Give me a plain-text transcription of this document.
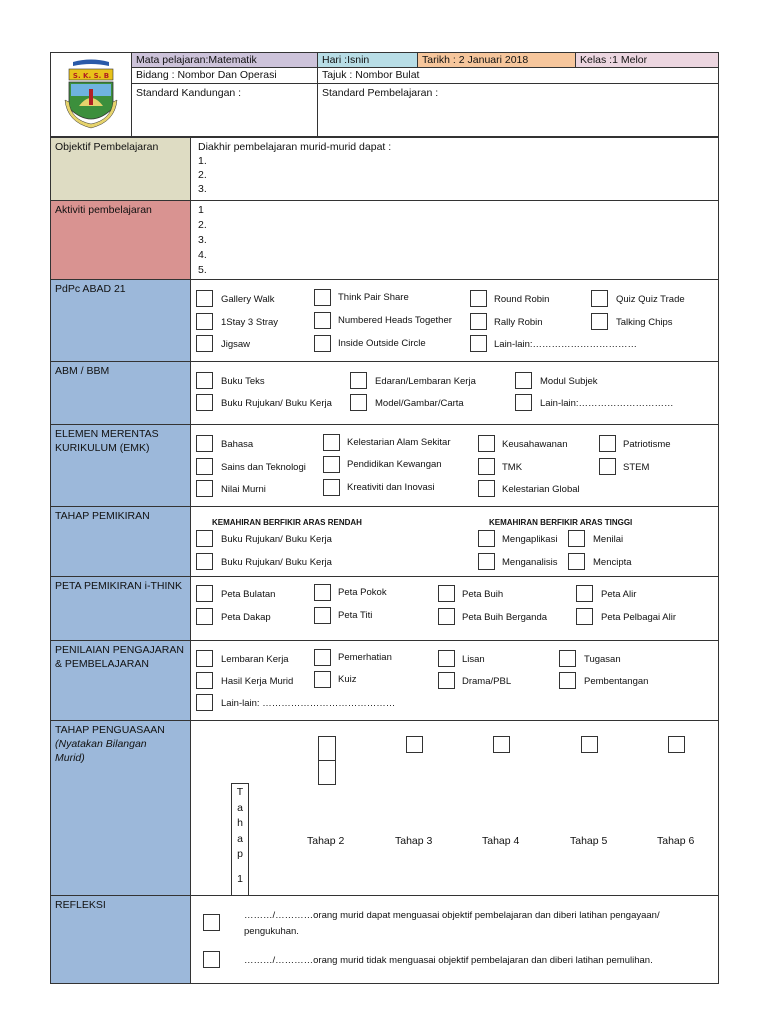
S. K. S. B
Mata pelajaran:Matematik	Hari :Isnin	Tarikh : 2 Januari 2018	Kelas :1 Melor
Bidang : Nombor Dan Operasi	Tajuk : Nombor Bulat
Standard Kandungan :	Standard Pembelajaran :
Objektif Pembelajaran	Diakhir pembelajaran murid-murid dapat :
1.
2.
3.
Aktiviti pembelajaran	1
2.
3.
4.
5.
PdPc ABAD 21
Gallery Walk	Think Pair Share	Round Robin	Quiz Quiz Trade
1Stay 3 Stray	Numbered Heads Together	Rally Robin	Talking Chips
Jigsaw	Inside Outside Circle	Lain-lain:……………………………
ABM / BBM
Buku Teks	Edaran/Lembaran Kerja	Modul Subjek
Buku Rujukan/ Buku Kerja	Model/Gambar/Carta	Lain-lain:…………………………
ELEMEN MERENTAS KURIKULUM (EMK)	Bahasa	Kelestarian Alam Sekitar	Keusahawanan	Patriotisme
Sains dan Teknologi	Pendidikan Kewangan	TMK	STEM
Nilai Murni	Kreativiti dan Inovasi	Kelestarian Global
TAHAP PEMIKIRAN
KEMAHIRAN BERFIKIR ARAS RENDAH	KEMAHIRAN BERFIKIR ARAS TINGGI
Buku Rujukan/ Buku Kerja	Mengaplikasi	Menilai
Buku Rujukan/ Buku Kerja	Menganalisis	Mencipta
PETA PEMIKIRAN i-THINK
Peta Bulatan	Peta Pokok	Peta Buih	Peta Alir
Peta Dakap	Peta Titi	Peta Buih Berganda	Peta Pelbagai Alir
PENILAIAN PENGAJARAN & PEMBELAJARAN	Lembaran Kerja	Pemerhatian	Lisan	Tugasan
Hasil Kerja Murid	Kuiz	Drama/PBL	Pembentangan
Lain-lain: ……………………………………
TAHAP PENGUASAAN
(Nyatakan Bilangan Murid)
T
a
h
a
p
1
Tahap 2	Tahap 3	Tahap 4	Tahap 5	Tahap 6
REFLEKSI
………/…………orang murid dapat menguasai objektif pembelajaran dan diberi latihan pengayaan/
pengukuhan.
………/…………orang murid tidak menguasai objektif pembelajaran dan diberi latihan pemulihan.
